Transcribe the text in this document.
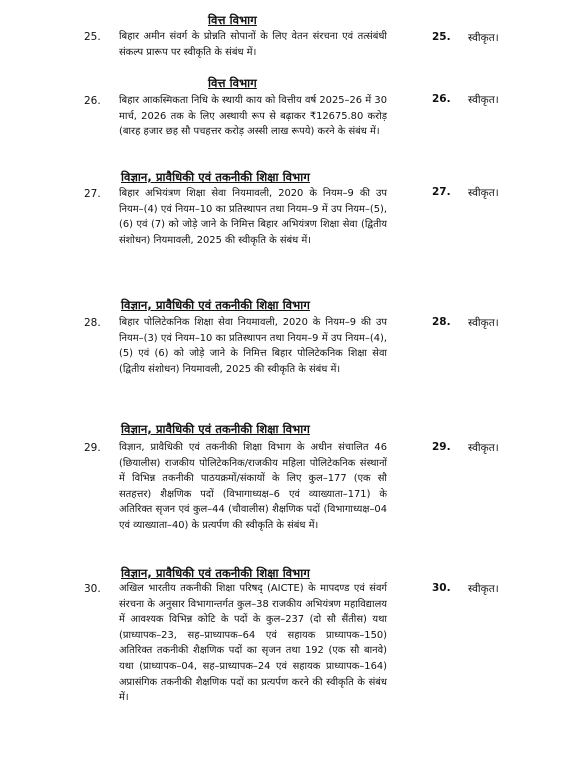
वित्त विभाग
25. बिहार अमीन संवर्ग के प्रोन्नति सोपानों के लिए वेतन संरचना एवं तत्संबंधी संकल्प प्रारूप पर स्वीकृति के संबंध में।
25. स्वीकृत।
वित्त विभाग
26. बिहार आकस्मिकता निधि के स्थायी काय को वित्तीय वर्ष 2025–26 में 30 मार्च, 2026 तक के लिए अस्थायी रूप से बढ़ाकर ₹12675.80 करोड़ (बारह हजार छह सौ पचहत्तर करोड़ अस्सी लाख रूपये) करने के संबंध में।
26. स्वीकृत।
विज्ञान, प्रावैधिकी एवं तकनीकी शिक्षा विभाग
27. बिहार अभियंत्रण शिक्षा सेवा नियमावली, 2020 के नियम–9 की उप नियम–(4) एवं नियम–10 का प्रतिस्थापन तथा नियम–9 में उप नियम–(5), (6) एवं (7) को जोड़े जाने के निमित्त बिहार अभियंत्रण शिक्षा सेवा (द्वितीय संशोधन) नियमावली, 2025 की स्वीकृति के संबंध में।
27. स्वीकृत।
विज्ञान, प्रावैधिकी एवं तकनीकी शिक्षा विभाग
28. बिहार पोलिटेकनिक शिक्षा सेवा नियमावली, 2020 के नियम–9 की उप नियम–(3) एवं नियम–10 का प्रतिस्थापन तथा नियम–9 में उप नियम–(4), (5) एवं (6) को जोड़े जाने के निमित्त बिहार पोलिटेकनिक शिक्षा सेवा (द्वितीय संशोधन) नियमावली, 2025 की स्वीकृति के संबंध में।
28. स्वीकृत।
विज्ञान, प्रावैधिकी एवं तकनीकी शिक्षा विभाग
29. विज्ञान, प्रावैधिकी एवं तकनीकी शिक्षा विभाग के अधीन संचालित 46 (छियालीस) राजकीय पोलिटेकनिक/राजकीय महिला पोलिटेकनिक संस्थानों में विभिन्न तकनीकी पाठयक्रमों/संकायों के लिए कुल–177 (एक सौ सतहत्तर) शैक्षणिक पदों (विभागाध्यक्ष–6 एवं व्याख्याता–171) के अतिरिक्त सृजन एवं कुल–44 (चौवालीस) शैक्षणिक पदों (विभागाध्यक्ष–04 एवं व्याख्याता–40) के प्रत्यर्पण की स्वीकृति के संबंध में।
29. स्वीकृत।
विज्ञान, प्रावैधिकी एवं तकनीकी शिक्षा विभाग
30. अखिल भारतीय तकनीकी शिक्षा परिषद् (AICTE) के मापदण्ड एवं संवर्ग संरचना के अनुसार विभागान्तर्गत कुल–38 राजकीय अभियंत्रण महाविद्यालय में आवश्यक विभिन्न कोटि के पदों के कुल–237 (दो सौ सैंतीस) यथा (प्राध्यापक–23, सह–प्राध्यापक–64 एवं सहायक प्राध्यापक–150) अतिरिक्त तकनीकी शैक्षणिक पदों का सृजन तथा 192 (एक सौ बानवे) यथा (प्राध्यापक–04, सह–प्राध्यापक–24 एवं सहायक प्राध्यापक–164) अप्रासंगिक तकनीकी शैक्षणिक पदों का प्रत्यर्पण करने की स्वीकृति के संबंध में।
30. स्वीकृत।
